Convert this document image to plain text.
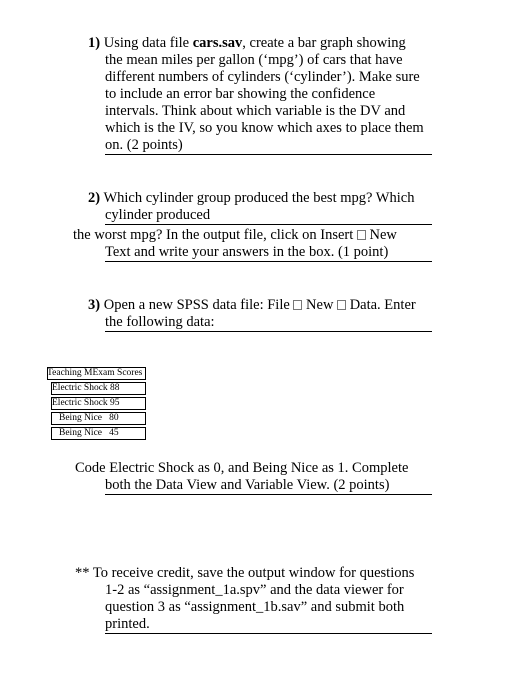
1) Using data file cars.sav, create a bar graph showing
the mean miles per gallon (‘mpg’) of cars that have
different numbers of cylinders (‘cylinder’). Make sure
to include an error bar showing the confidence
intervals. Think about which variable is the DV and
which is the IV, so you know which axes to place them
on. (2 points)
2) Which cylinder group produced the best mpg? Which
cylinder produced
the worst mpg? In the output file, click on Insert New
Text and write your answers in the box. (1 point)
3) Open a new SPSS data file: File New Data. Enter
the following data:
Teaching MExam Scores
Electric Shock 88
Electric Shock 95
Being Nice   80
Being Nice   45
Code Electric Shock as 0, and Being Nice as 1. Complete
both the Data View and Variable View. (2 points)
** To receive credit, save the output window for questions
1-2 as “assignment_1a.spv” and the data viewer for
question 3 as “assignment_1b.sav” and submit both
printed.
